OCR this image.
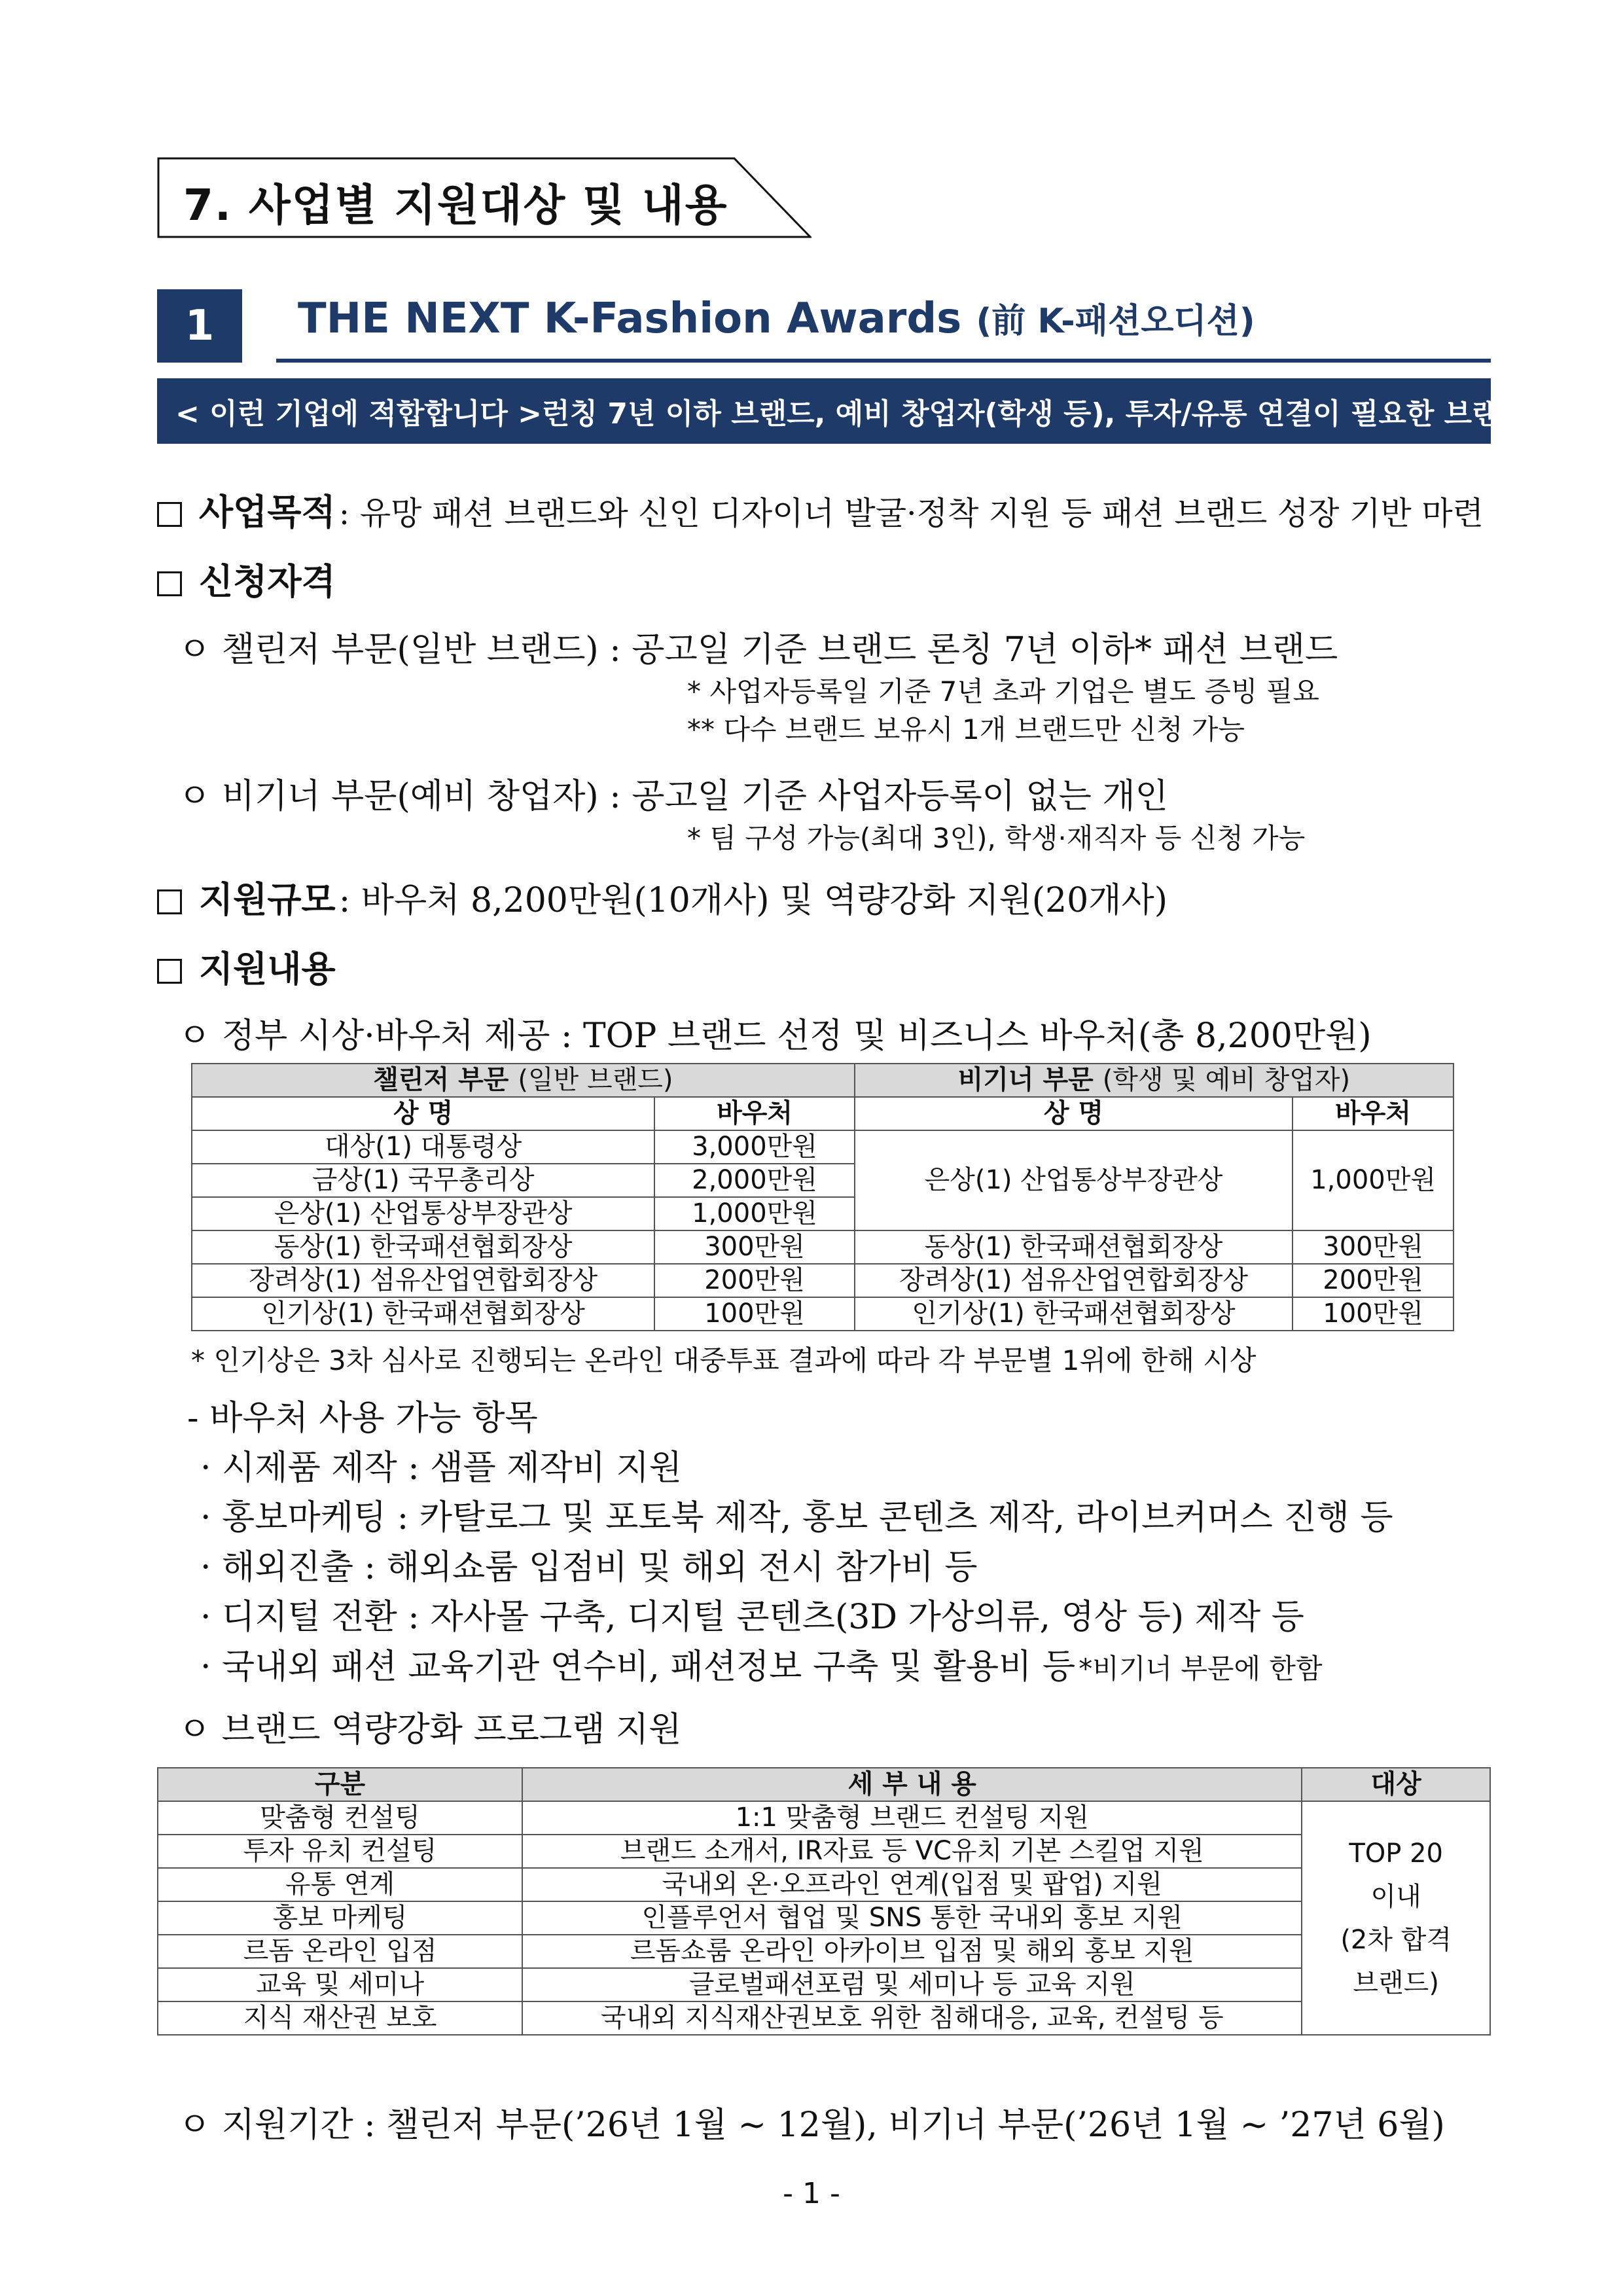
7. 사업별 지원대상 및 내용
1	THE NEXT K-Fashion Awards (前 K-패션오디션)
< 이런 기업에 적합합니다 > 런칭 7년 이하 브랜드, 예비 창업자(학생 등), 투자/유통 연결이 필요한 브랜드 등
사업목적 : 유망 패션 브랜드와 신인 디자이너 발굴·정착 지원 등 패션 브랜드 성장 기반 마련
신청자격
ㅇ 챌린저 부문(일반 브랜드) : 공고일 기준 브랜드 론칭 7년 이하* 패션 브랜드
* 사업자등록일 기준 7년 초과 기업은 별도 증빙 필요
** 다수 브랜드 보유시 1개 브랜드만 신청 가능
ㅇ 비기너 부문(예비 창업자) : 공고일 기준 사업자등록이 없는 개인
* 팀 구성 가능(최대 3인), 학생·재직자 등 신청 가능
지원규모 : 바우처 8,200만원(10개사) 및 역량강화 지원(20개사)
지원내용
ㅇ 정부 시상·바우처 제공 : TOP 브랜드 선정 및 비즈니스 바우처(총 8,200만원)
챌린저 부문 (일반 브랜드)		비기너 부문 (학생 및 예비 창업자)	
상 명	바우처	상 명	바우처
대상(1) 대통령상	3,000만원	은상(1) 산업통상부장관상	1,000만원
금상(1) 국무총리상	2,000만원		
은상(1) 산업통상부장관상	1,000만원		
동상(1) 한국패션협회장상	300만원	동상(1) 한국패션협회장상	300만원
장려상(1) 섬유산업연합회장상	200만원	장려상(1) 섬유산업연합회장상	200만원
인기상(1) 한국패션협회장상	100만원	인기상(1) 한국패션협회장상	100만원
* 인기상은 3차 심사로 진행되는 온라인 대중투표 결과에 따라 각 부문별 1위에 한해 시상
- 바우처 사용 가능 항목
· 시제품 제작 : 샘플 제작비 지원
· 홍보마케팅 : 카탈로그 및 포토북 제작, 홍보 콘텐츠 제작, 라이브커머스 진행 등
· 해외진출 : 해외쇼룸 입점비 및 해외 전시 참가비 등
· 디지털 전환 : 자사몰 구축, 디지털 콘텐츠(3D 가상의류, 영상 등) 제작 등
· 국내외 패션 교육기관 연수비, 패션정보 구축 및 활용비 등 *비기너 부문에 한함
ㅇ 브랜드 역량강화 프로그램 지원
구분	세 부 내 용	대상
맞춤형 컨설팅	1:1 맞춤형 브랜드 컨설팅 지원	TOP 20
이내
(2차 합격
브랜드)

투자 유치 컨설팅	브랜드 소개서, IR자료 등 VC유치 기본 스킬업 지원	
유통 연계	국내외 온·오프라인 연계(입점 및 팝업) 지원	
홍보 마케팅	인플루언서 협업 및 SNS 통한 국내외 홍보 지원	
르돔 온라인 입점	르돔쇼룸 온라인 아카이브 입점 및 해외 홍보 지원	
교육 및 세미나	글로벌패션포럼 및 세미나 등 교육 지원	
지식 재산권 보호	국내외 지식재산권보호 위한 침해대응, 교육, 컨설팅 등	
ㅇ 지원기간 : 챌린저 부문(’26년 1월 ~ 12월), 비기너 부문(’26년 1월 ~ ’27년 6월)
- 1 -
